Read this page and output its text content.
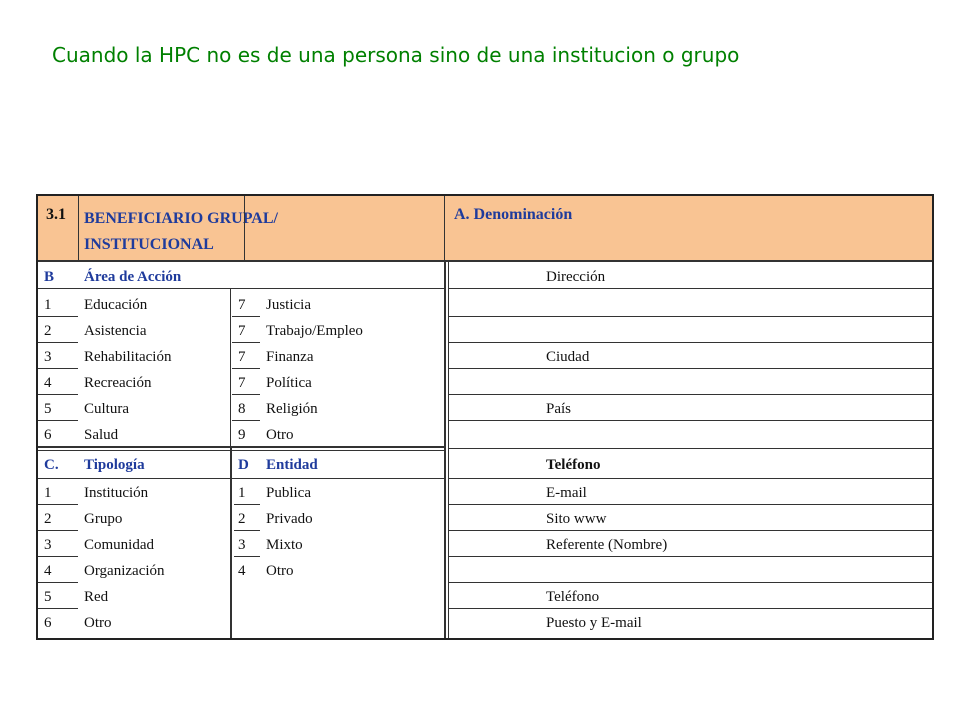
Cuando la HPC no es de una persona sino de una institucion o grupo
3.1 BENEFICIARIO GRUPAL/ INSTITUCIONAL
A. Denominación
B Área de Acción
1 Educación
2 Asistencia
3 Rehabilitación
4 Recreación
5 Cultura
6 Salud
7 Justicia
7 Trabajo/Empleo
7 Finanza
7 Política
8 Religión
9 Otro
C. Tipología	D Entidad
1 Institución
2 Grupo
3 Comunidad
4 Organización
5 Red
6 Otro
1 Publica
2 Privado
3 Mixto
4 Otro
Dirección
Ciudad
País
Teléfono
E-mail
Sito www
Referente (Nombre)
Teléfono
Puesto y E-mail
